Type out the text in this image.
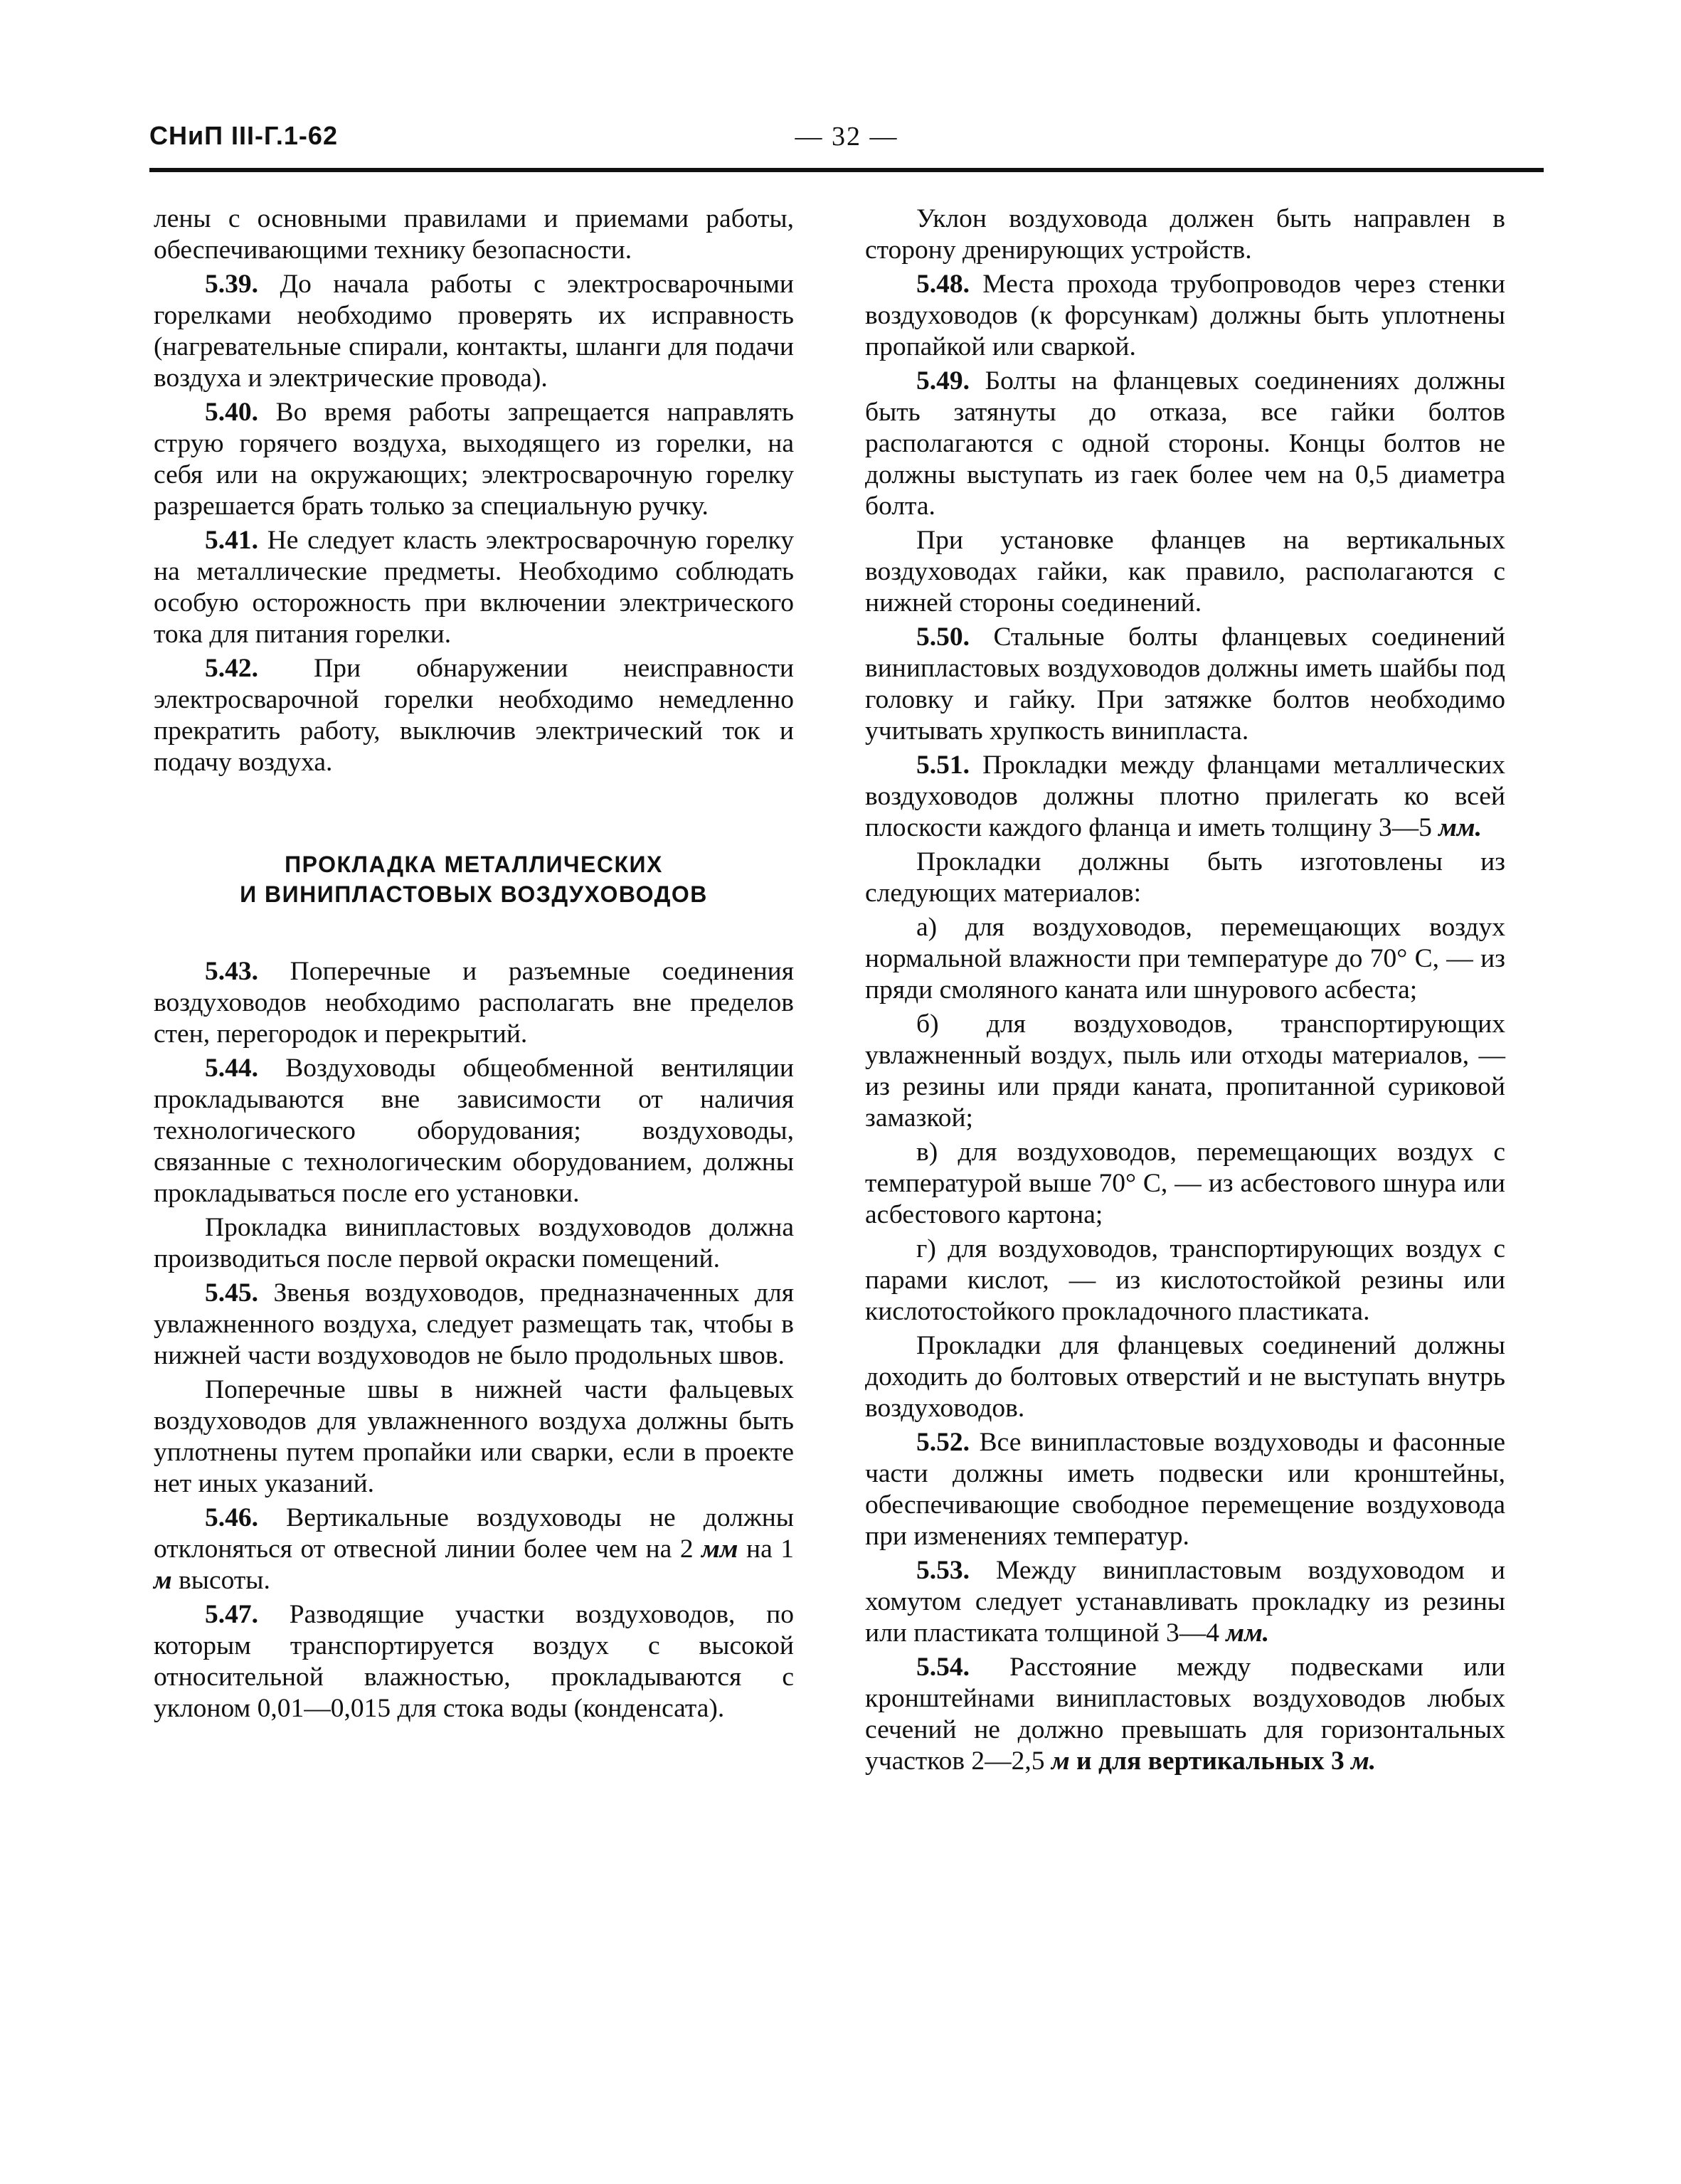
— 32 —
СНиП III-Г.1-62

лены с основными правилами и приемами работы, обеспечивающими технику безопасности.

5.39. До начала работы с электросварочными горелками необходимо проверять их исправность (нагревательные спирали, контакты, шланги для подачи воздуха и электрические провода).

5.40. Во время работы запрещается направлять струю горячего воздуха, выходящего из горелки, на себя или на окружающих; электросварочную горелку разрешается брать только за специальную ручку.

5.41. Не следует класть электросварочную горелку на металлические предметы. Необходимо соблюдать особую осторожность при включении электрического тока для питания горелки.

5.42. При обнаружении неисправности электросварочной горелки необходимо немедленно прекратить работу, выключив электрический ток и подачу воздуха.

ПРОКЛАДКА МЕТАЛЛИЧЕСКИХ
И ВИНИПЛАСТОВЫХ ВОЗДУХОВОДОВ

5.43. Поперечные и разъемные соединения воздуховодов необходимо располагать вне пределов стен, перегородок и перекрытий.

5.44. Воздуховоды общеобменной вентиляции прокладываются вне зависимости от наличия технологического оборудования; воздуховоды, связанные с технологическим оборудованием, должны прокладываться после его установки.

Прокладка винипластовых воздуховодов должна производиться после первой окраски помещений.

5.45. Звенья воздуховодов, предназначенных для увлажненного воздуха, следует размещать так, чтобы в нижней части воздуховодов не было продольных швов.

Поперечные швы в нижней части фальцевых воздуховодов для увлажненного воздуха должны быть уплотнены путем пропайки или сварки, если в проекте нет иных указаний.

5.46. Вертикальные воздуховоды не должны отклоняться от отвесной линии более чем на 2 мм на 1 м высоты.

5.47. Разводящие участки воздуховодов, по которым транспортируется воздух с высокой относительной влажностью, прокладываются с уклоном 0,01—0,015 для стока воды (конденсата).

Уклон воздуховода должен быть направлен в сторону дренирующих устройств.

5.48. Места прохода трубопроводов через стенки воздуховодов (к форсункам) должны быть уплотнены пропайкой или сваркой.

5.49. Болты на фланцевых соединениях должны быть затянуты до отказа, все гайки болтов располагаются с одной стороны. Концы болтов не должны выступать из гаек более чем на 0,5 диаметра болта.

При установке фланцев на вертикальных воздуховодах гайки, как правило, располагаются с нижней стороны соединений.

5.50. Стальные болты фланцевых соединений винипластовых воздуховодов должны иметь шайбы под головку и гайку. При затяжке болтов необходимо учитывать хрупкость винипласта.

5.51. Прокладки между фланцами металлических воздуховодов должны плотно прилегать ко всей плоскости каждого фланца и иметь толщину 3—5 мм.

Прокладки должны быть изготовлены из следующих материалов:

а) для воздуховодов, перемещающих воздух нормальной влажности при температуре до 70° С, — из пряди смоляного каната или шнурового асбеста;

б) для воздуховодов, транспортирующих увлажненный воздух, пыль или отходы материалов, — из резины или пряди каната, пропитанной суриковой замазкой;

в) для воздуховодов, перемещающих воздух с температурой выше 70° С, — из асбестового шнура или асбестового картона;

г) для воздуховодов, транспортирующих воздух с парами кислот, — из кислотостойкой резины или кислотостойкого прокладочного пластиката.

Прокладки для фланцевых соединений должны доходить до болтовых отверстий и не выступать внутрь воздуховодов.

5.52. Все винипластовые воздуховоды и фасонные части должны иметь подвески или кронштейны, обеспечивающие свободное перемещение воздуховода при изменениях температур.

5.53. Между винипластовым воздуховодом и хомутом следует устанавливать прокладку из резины или пластиката толщиной 3—4 мм.

5.54. Расстояние между подвесками или кронштейнами винипластовых воздуховодов любых сечений не должно превышать для горизонтальных участков 2—2,5 м и для вертикальных 3 м.
